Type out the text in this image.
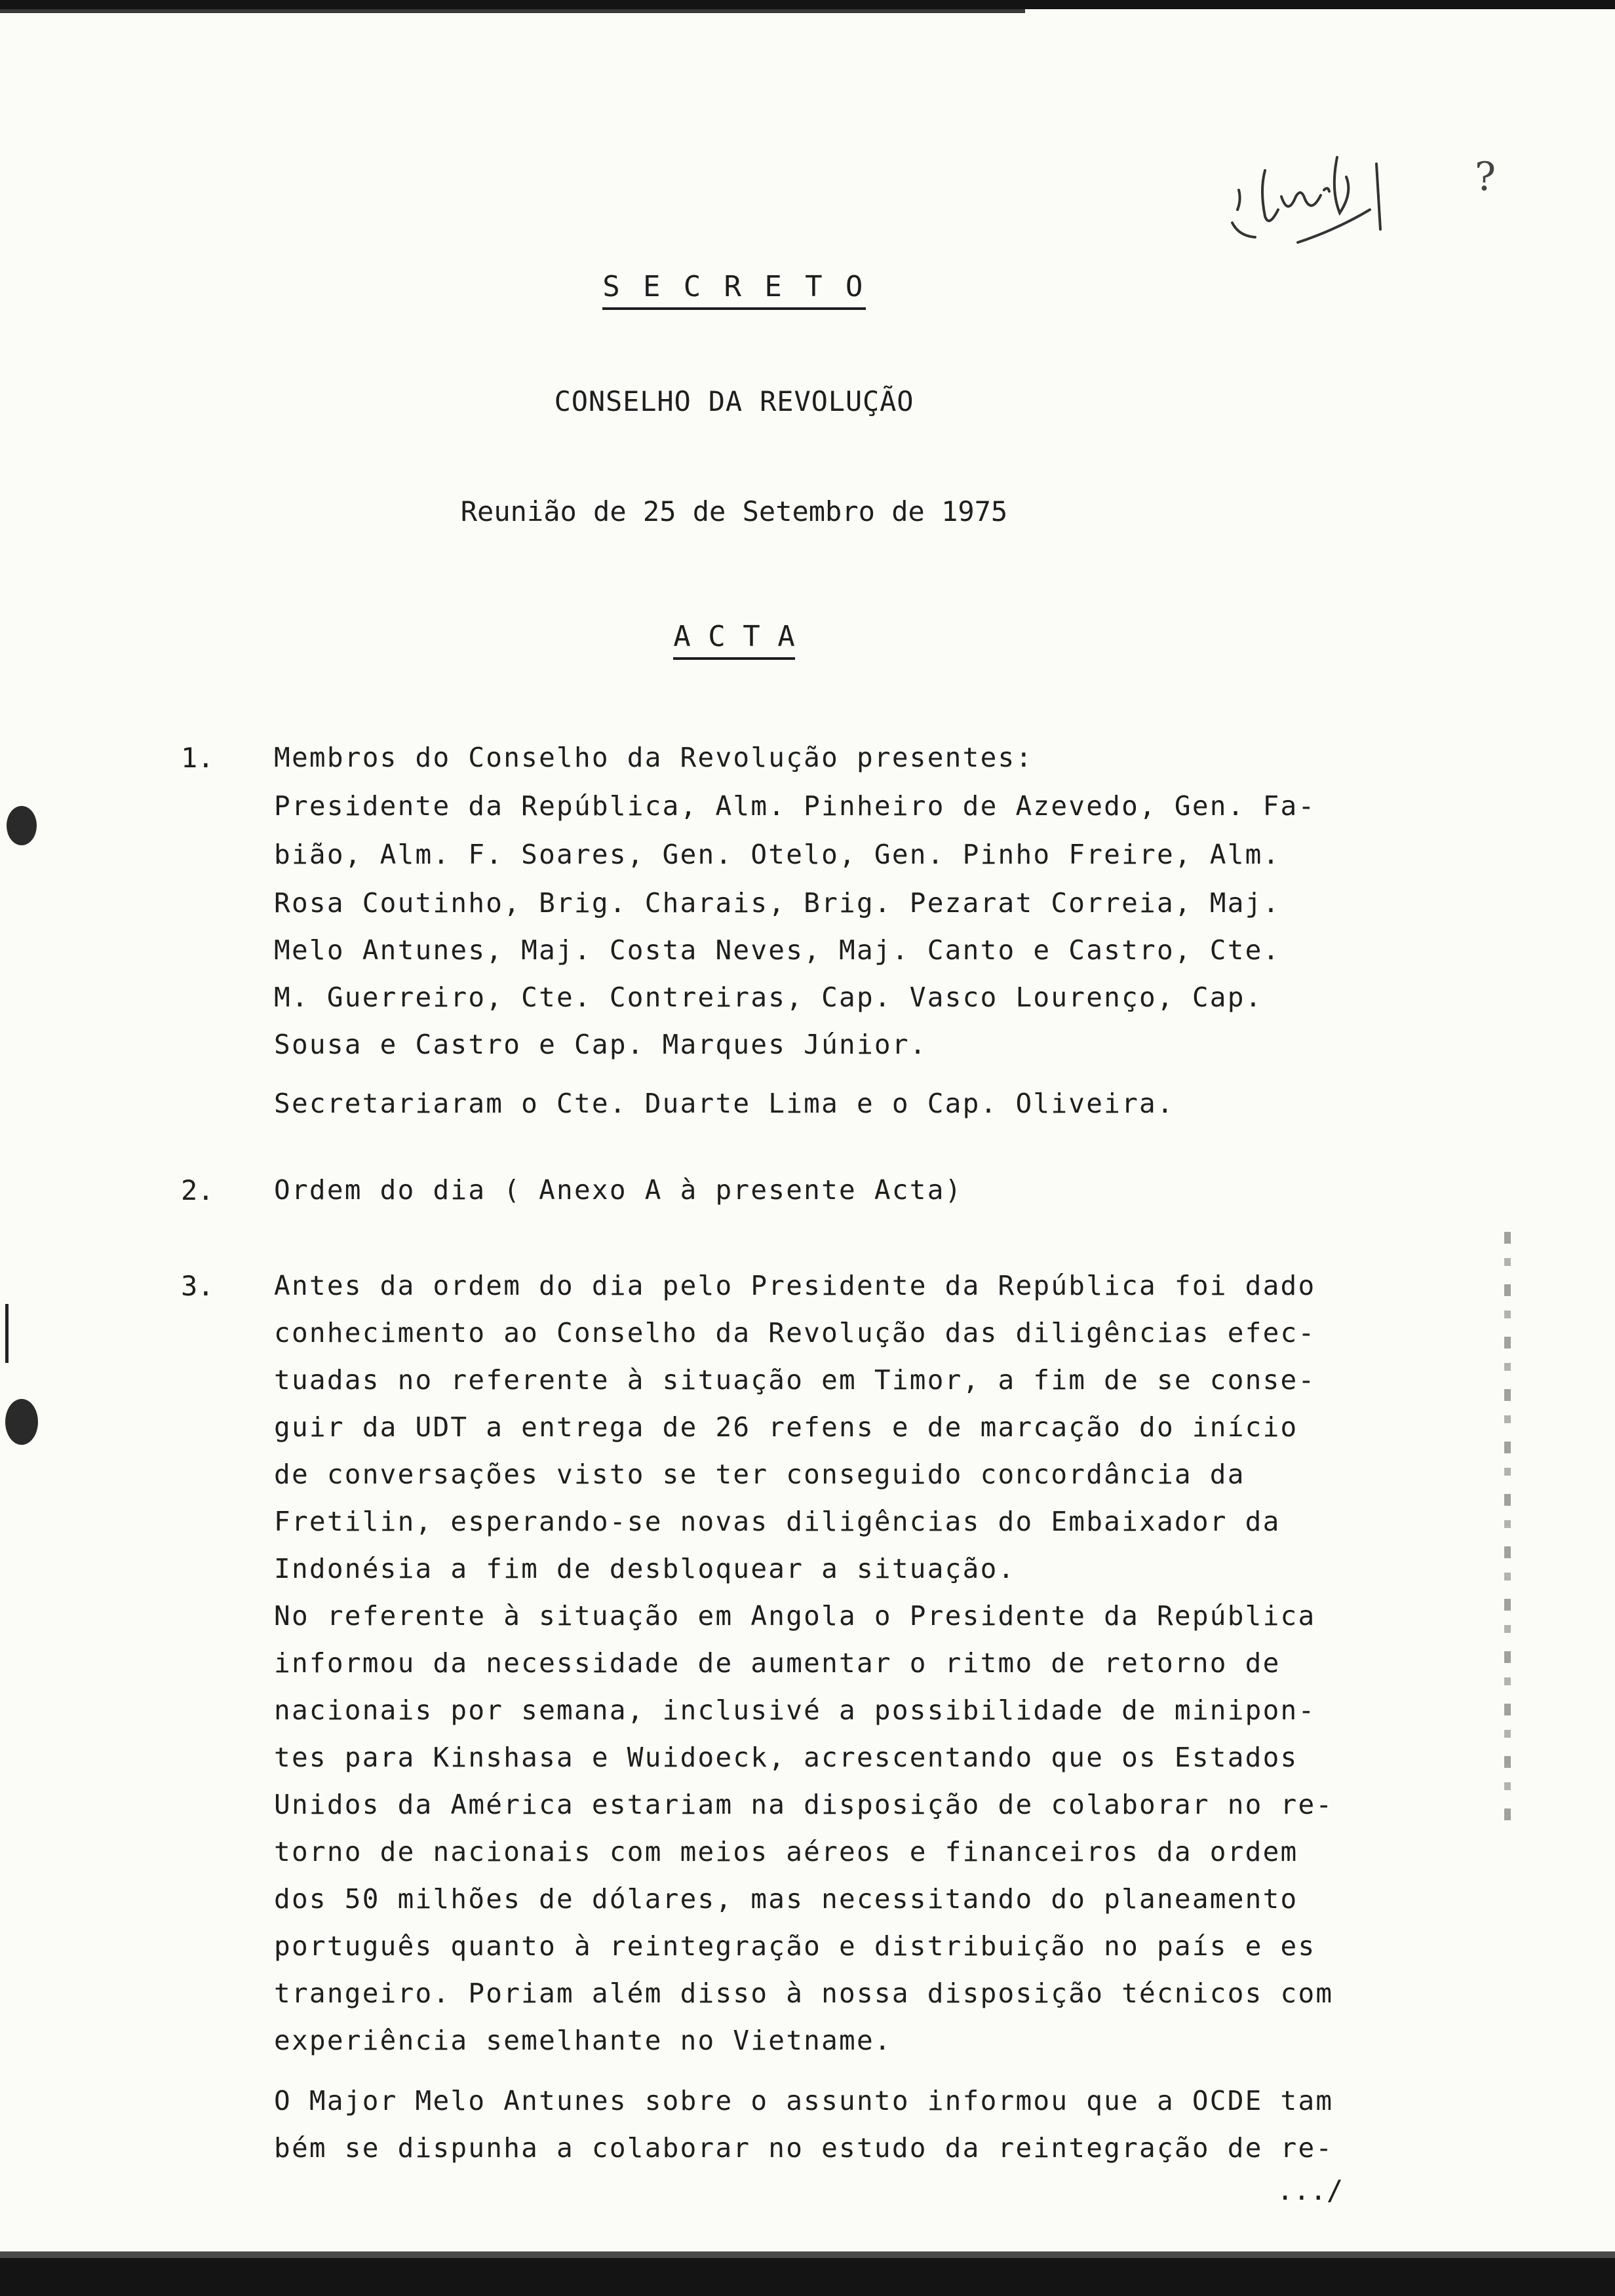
?
S E C R E T O
CONSELHO DA REVOLUÇÃO
Reunião de 25 de Setembro de 1975
A C T A
1. Membros do Conselho da Revolução presentes:
Presidente da República, Alm. Pinheiro de Azevedo, Gen. Fa-
bião, Alm. F. Soares, Gen. Otelo, Gen. Pinho Freire, Alm.
Rosa Coutinho, Brig. Charais, Brig. Pezarat Correia, Maj.
Melo Antunes, Maj. Costa Neves, Maj. Canto e Castro, Cte.
M. Guerreiro, Cte. Contreiras, Cap. Vasco Lourenço, Cap.
Sousa e Castro e Cap. Marques Júnior.
Secretariaram o Cte. Duarte Lima e o Cap. Oliveira.
2. Ordem do dia ( Anexo A à presente Acta)
3. Antes da ordem do dia pelo Presidente da República foi dado
conhecimento ao Conselho da Revolução das diligências efec-
tuadas no referente à situação em Timor, a fim de se conse-
guir da UDT a entrega de 26 refens e de marcação do início
de conversações visto se ter conseguido concordância da
Fretilin, esperando-se novas diligências do Embaixador da
Indonésia a fim de desbloquear a situação.
No referente à situação em Angola o Presidente da República
informou da necessidade de aumentar o ritmo de retorno de
nacionais por semana, inclusivé a possibilidade de minipon-
tes para Kinshasa e Wuidoeck, acrescentando que os Estados
Unidos da América estariam na disposição de colaborar no re-
torno de nacionais com meios aéreos e financeiros da ordem
dos 50 milhões de dólares, mas necessitando do planeamento
português quanto à reintegração e distribuição no país e es
trangeiro. Poriam além disso à nossa disposição técnicos com
experiência semelhante no Vietname.
O Major Melo Antunes sobre o assunto informou que a OCDE tam
bém se dispunha a colaborar no estudo da reintegração de re-
.../
